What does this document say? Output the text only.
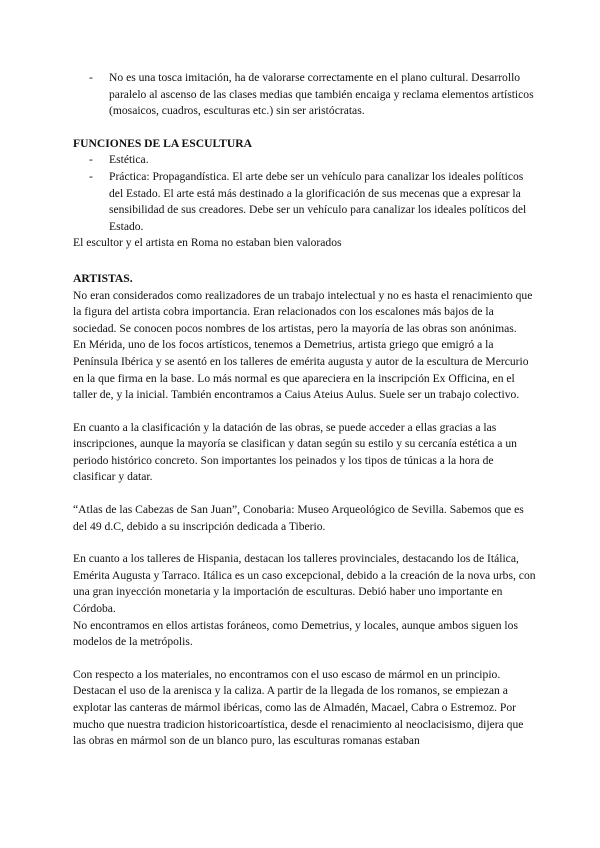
- No es una tosca imitación, ha de valorarse correctamente en el plano cultural. Desarrollo paralelo al ascenso de las clases medias que también encaiga y reclama elementos artísticos (mosaicos, cuadros, esculturas etc.) sin ser aristócratas.

FUNCIONES DE LA ESCULTURA

- Estética.
- Práctica: Propagandística. El arte debe ser un vehículo para canalizar los ideales políticos del Estado. El arte está más destinado a la glorificación de sus mecenas que a expresar la sensibilidad de sus creadores. Debe ser un vehículo para canalizar los ideales políticos del Estado.

El escultor y el artista en Roma no estaban bien valorados

ARTISTAS.

No eran considerados como realizadores de un trabajo intelectual y no es hasta el renacimiento que la figura del artista cobra importancia. Eran relacionados con los escalones más bajos de la sociedad. Se conocen pocos nombres de los artistas, pero la mayoría de las obras son anónimas.

En Mérida, uno de los focos artísticos, tenemos a Demetrius, artista griego que emigró a la Península Ibérica y se asentó en los talleres de emérita augusta y autor de la escultura de Mercurio en la que firma en la base. Lo más normal es que apareciera en la inscripción Ex Officina, en el taller de, y la inicial. También encontramos a Caius Ateius Aulus. Suele ser un trabajo colectivo.

En cuanto a la clasificación y la datación de las obras, se puede acceder a ellas gracias a las inscripciones, aunque la mayoría se clasifican y datan según su estilo y su cercanía estética a un periodo histórico concreto. Son importantes los peinados y los tipos de túnicas a la hora de clasificar y datar.

“Atlas de las Cabezas de San Juan”, Conobaria: Museo Arqueológico de Sevilla. Sabemos que es del 49 d.C, debido a su inscripción dedicada a Tiberio.

En cuanto a los talleres de Hispania, destacan los talleres provinciales, destacando los de Itálica, Emérita Augusta y Tarraco. Itálica es un caso excepcional, debido a la creación de la nova urbs, con una gran inyección monetaria y la importación de esculturas. Debió haber uno importante en Córdoba.

No encontramos en ellos artistas foráneos, como Demetrius, y locales, aunque ambos siguen los modelos de la metrópolis.

Con respecto a los materiales, no encontramos con el uso escaso de mármol en un principio. Destacan el uso de la arenisca y la caliza. A partir de la llegada de los romanos, se empiezan a explotar las canteras de mármol ibéricas, como las de Almadén, Macael, Cabra o Estremoz. Por mucho que nuestra tradicion historicoartística, desde el renacimiento al neoclacisismo, dijera que las obras en mármol son de un blanco puro, las esculturas romanas estaban
